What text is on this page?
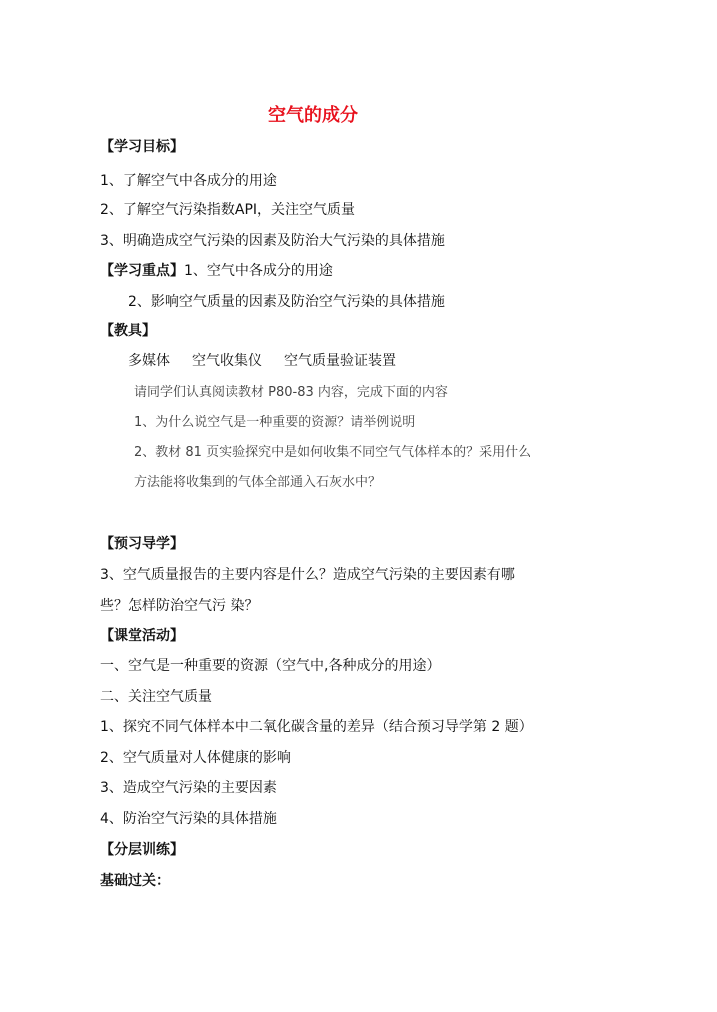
空气的成分
【学习目标】
1、了解空气中各成分的用途
2、了解空气污染指数API，关注空气质量
3、明确造成空气污染的因素及防治大气污染的具体措施
【学习重点】1、空气中各成分的用途
2、影响空气质量的因素及防治空气污染的具体措施
【教具】
多媒体 空气收集仪 空气质量验证装置
请同学们认真阅读教材 P80-83 内容，完成下面的内容
1、为什么说空气是一种重要的资源？请举例说明
2、教材 81 页实验探究中是如何收集不同空气气体样本的？采用什么
方法能将收集到的气体全部通入石灰水中？
【预习导学】
3、空气质量报告的主要内容是什么？造成空气污染的主要因素有哪
些？怎样防治空气污 染？
【课堂活动】
一、空气是一种重要的资源（空气中,各种成分的用途）
二、关注空气质量
1、探究不同气体样本中二氧化碳含量的差异（结合预习导学第 2 题）
2、空气质量对人体健康的影响
3、造成空气污染的主要因素
4、防治空气污染的具体措施
【分层训练】
基础过关：
